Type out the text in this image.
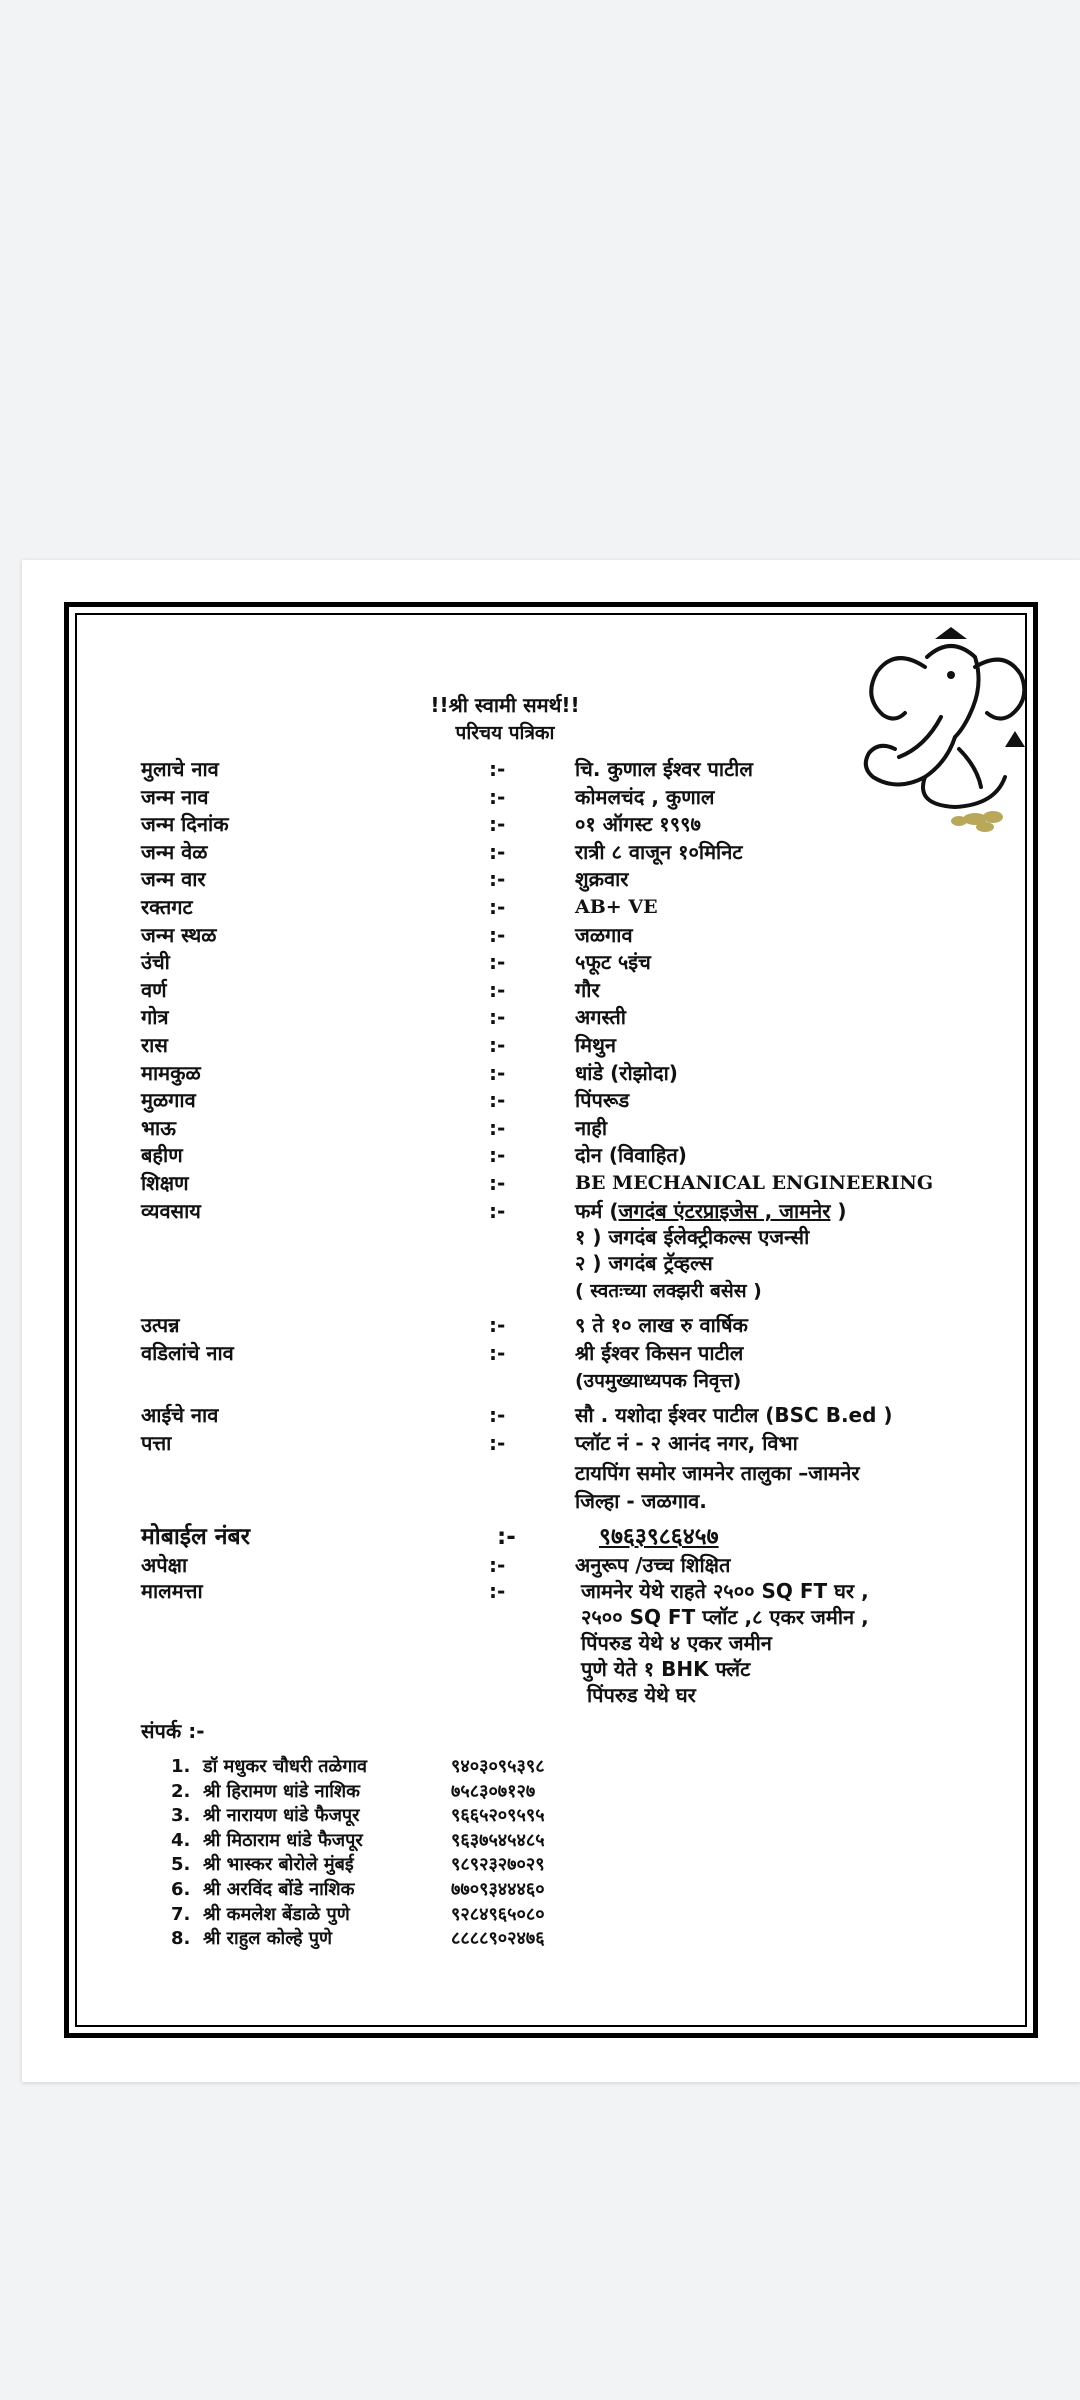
!!श्री स्वामी समर्थ!!
परिचय पत्रिका
मुलाचे नाव	:-	चि. कुणाल ईश्वर पाटील
जन्म नाव	:-	कोमलचंद , कुणाल
जन्म दिनांक	:-	०१ ऑगस्ट १९९७
जन्म वेळ	:-	रात्री ८ वाजून १०मिनिट
जन्म वार	:-	शुक्रवार
रक्तगट	:-	AB+ VE
जन्म स्थळ	:-	जळगाव
उंची	:-	५फूट ५इंच
वर्ण	:-	गौर
गोत्र	:-	अगस्ती
रास	:-	मिथुन
मामकुळ	:-	धांडे (रोझोदा)
मुळगाव	:-	पिंपरूड
भाऊ	:-	नाही
बहीण	:-	दोन (विवाहित)
शिक्षण	:-	BE MECHANICAL ENGINEERING
व्यवसाय	:-	फर्म (जगदंब एंटरप्राइजेस , जामनेर )
१ ) जगदंब ईलेक्ट्रीकल्स एजन्सी
२ ) जगदंब ट्रॅव्हल्स
( स्वतःच्या लक्झरी बसेस )
उत्पन्न	:-	९ ते १० लाख रु वार्षिक
वडिलांचे नाव	:-	श्री ईश्वर किसन पाटील
(उपमुख्याध्यपक निवृत्त)
आईचे नाव	:-	सौ . यशोदा ईश्वर पाटील (BSC B.ed )
पत्ता	:-	प्लॉट नं - २ आनंद नगर, विभा
टायपिंग समोर जामनेर तालुका –जामनेर
जिल्हा - जळगाव.
मोबाईल नंबर	:-	९७६३९८६४५७
अपेक्षा	:-	अनुरूप /उच्च शिक्षित
मालमत्ता	:-	जामनेर येथे राहते २५०० SQ FT घर ,
२५०० SQ FT प्लॉट ,८ एकर जमीन ,
पिंपरुड येथे ४ एकर जमीन
पुणे येते १ BHK फ्लॅट
पिंपरुड येथे घर
संपर्क :-
1. डॉ मधुकर चौधरी तळेगाव	९४०३०९५३९८
2. श्री हिरामण धांडे नाशिक	७५८३०७१२७
3. श्री नारायण धांडे फैजपूर	९६६५२०९५९५
4. श्री मिठाराम धांडे फैजपूर	९६३७५४५४८५
5. श्री भास्कर बोरोले मुंबई	९८९२३२७०२९
6. श्री अरविंद बोंडे नाशिक	७७०९३४४४६०
7. श्री कमलेश बेंडाळे पुणे	९२८४९६५०८०
8. श्री राहुल कोल्हे पुणे	८८८८९०२४७६
